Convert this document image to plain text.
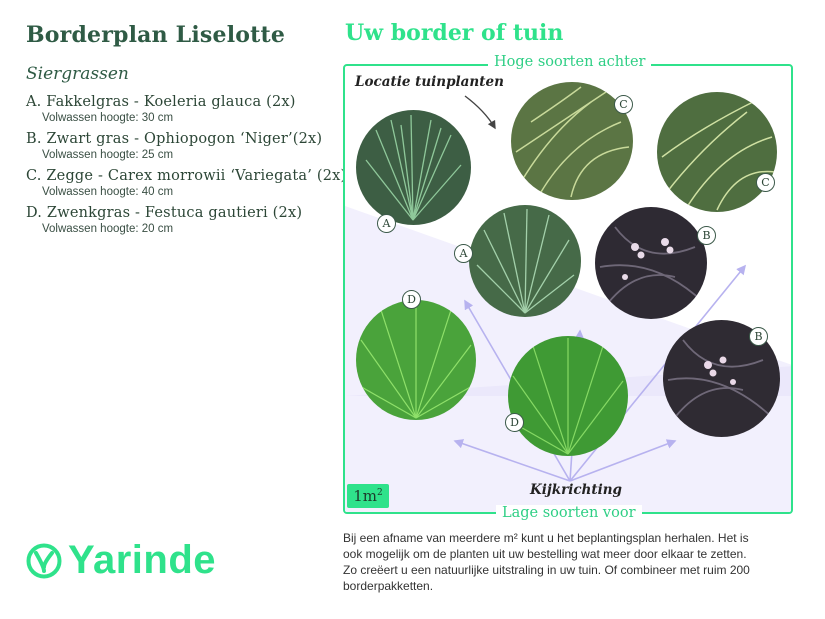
Borderplan Liselotte
Siergrassen
A. Fakkelgras - Koeleria glauca (2x)
Volwassen hoogte: 30 cm
B. Zwart gras - Ophiopogon ‘Niger’(2x)
Volwassen hoogte: 25 cm
C. Zegge - Carex morrowii ‘Variegata’ (2x)
Volwassen hoogte: 40 cm
D. Zwenkgras - Festuca gautieri (2x)
Volwassen hoogte: 20 cm
Yarinde
Uw border of tuin
Hoge soorten achter
Lage soorten voor
Locatie tuinplanten
Kijkrichting
$1m^2$
A
C
C
A
B
D
D
B
Bij een afname van meerdere m² kunt u het beplantingsplan herhalen. Het is ook mogelijk om de planten uit uw bestelling wat meer door elkaar te zetten. Zo creëert u een natuurlijke uitstraling in uw tuin. Of combineer met ruim 200 borderpakketten.
